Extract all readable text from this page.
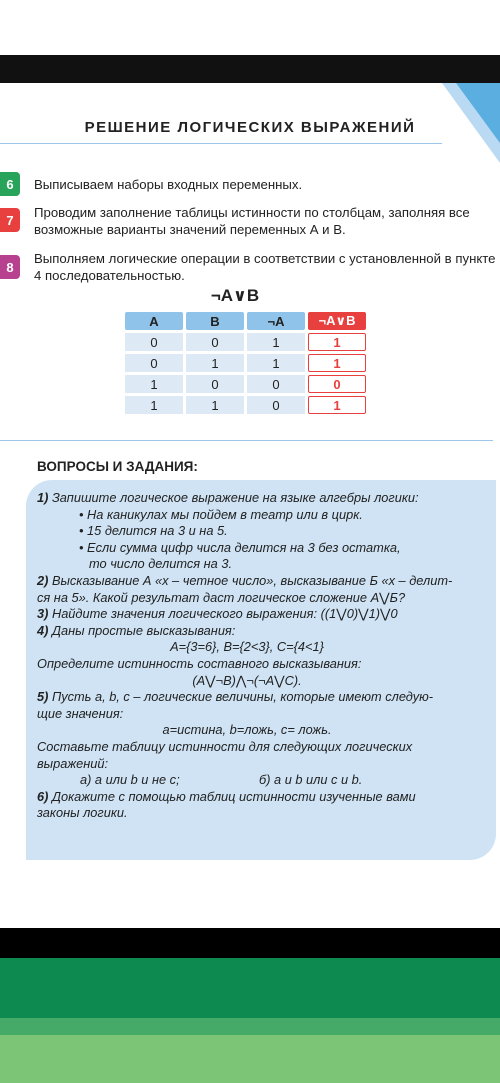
РЕШЕНИЕ ЛОГИЧЕСКИХ ВЫРАЖЕНИЙ
6	Выписываем наборы входных переменных.
7	Проводим заполнение таблицы истинности по столбцам, заполняя все возможные варианты значений переменных А и В.
8
Выполняем логические операции в соответствии с установленной в пункте 4 последовательностью.
¬A∨B
A	B	¬A	¬A∨B
0	0	1	1
0	1	1	1
1	0	0	0
1	1	0	1
ВОПРОСЫ И ЗАДАНИЯ:
1) Запишите логическое выражение на языке алгебры логики:
• На каникулах мы пойдем в театр или в цирк.
• 15 делится на 3 и на 5.
• Если сумма цифр числа делится на 3 без остатка,
то число делится на 3.
2) Высказывание А «х – четное число», высказывание Б «х – делит-
ся на 5». Какой результат даст логическое сложение А⋁Б?
3) Найдите значения логического выражения: ((1⋁0)⋁1)⋁0
4) Даны простые высказывания:
A={3=6}, B={2<3}, C={4<1}
Определите истинность составного высказывания:
(A⋁¬B)⋀¬(¬A⋁C).
5) Пусть a, b, c – логические величины, которые имеют следую-
щие значения:
a=истина, b=ложь, c= ложь.
Составьте таблицу истинности для следующих логических
выражений:
а) a или b и не c;	б) a и b или c и b.
6) Докажите с помощью таблиц истинности изученные вами
законы логики.
